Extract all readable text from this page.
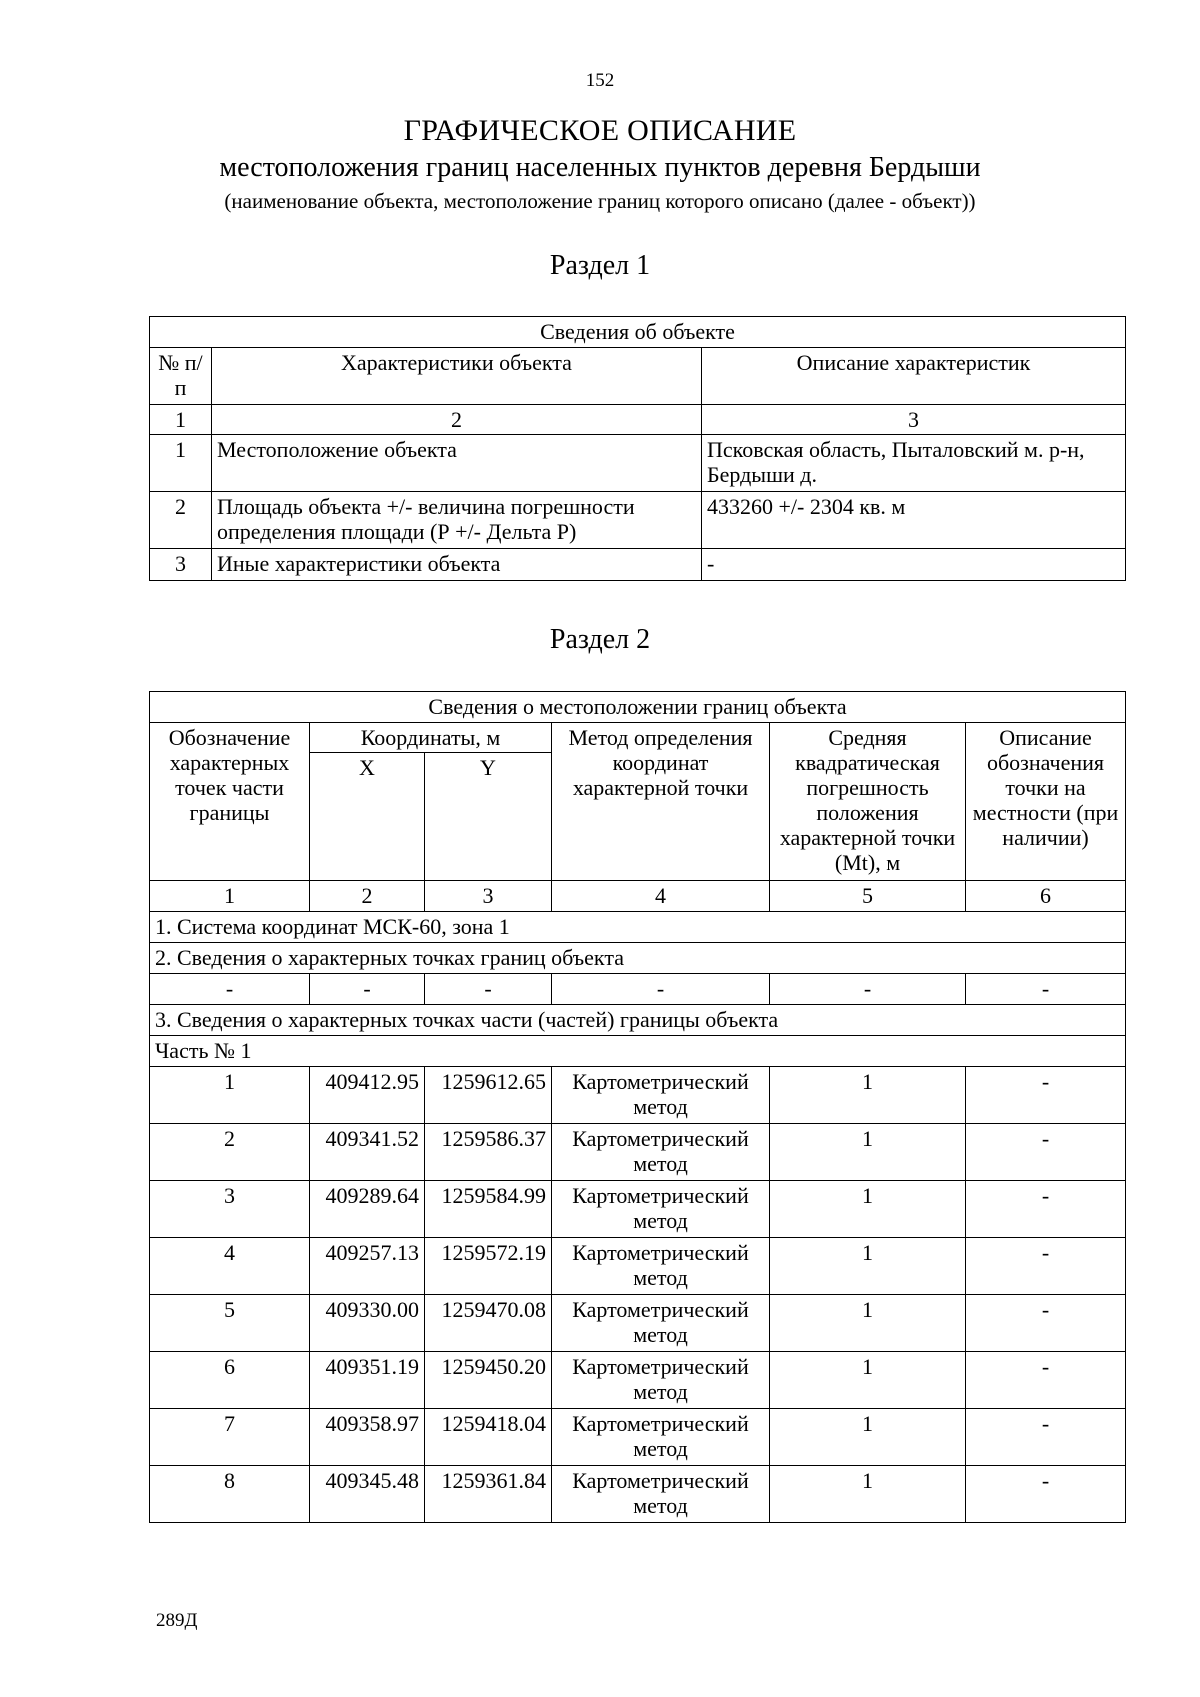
152
ГРАФИЧЕСКОЕ ОПИСАНИЕ
местоположения границ населенных пунктов деревня Бердыши
(наименование объекта, местоположение границ которого описано (далее - объект))
Раздел 1
Сведения об объекте		
№ п/п	Характеристики объекта	Описание характеристик
1	2	3
1	Местоположение объекта	Псковская область, Пыталовский м. р-н, Бердыши д.
2	Площадь объекта +/- величина погрешности определения площади (Р +/- Дельта Р)	433260 +/- 2304 кв. м
3	Иные характеристики объекта	-
Раздел 2
Сведения о местоположении границ объекта					
Обозначение характерных точек части границы	Координаты, м		Метод определения координат характерной точки	Средняя квадратическая погрешность положения характерной точки (Mt), м	Описание обозначения точки на местности (при наличии)
	X	Y			
1	2	3	4	5	6
1. Система координат МСК-60, зона 1					
2. Сведения о характерных точках границ объекта					
-	-	-	-	-	-
3. Сведения о характерных точках части (частей) границы объекта					
Часть № 1					
1	409412.95	1259612.65	Картометрический метод	1	-
2	409341.52	1259586.37	Картометрический метод	1	-
3	409289.64	1259584.99	Картометрический метод	1	-
4	409257.13	1259572.19	Картометрический метод	1	-
5	409330.00	1259470.08	Картометрический метод	1	-
6	409351.19	1259450.20	Картометрический метод	1	-
7	409358.97	1259418.04	Картометрический метод	1	-
8	409345.48	1259361.84	Картометрический метод	1	-
289Д
